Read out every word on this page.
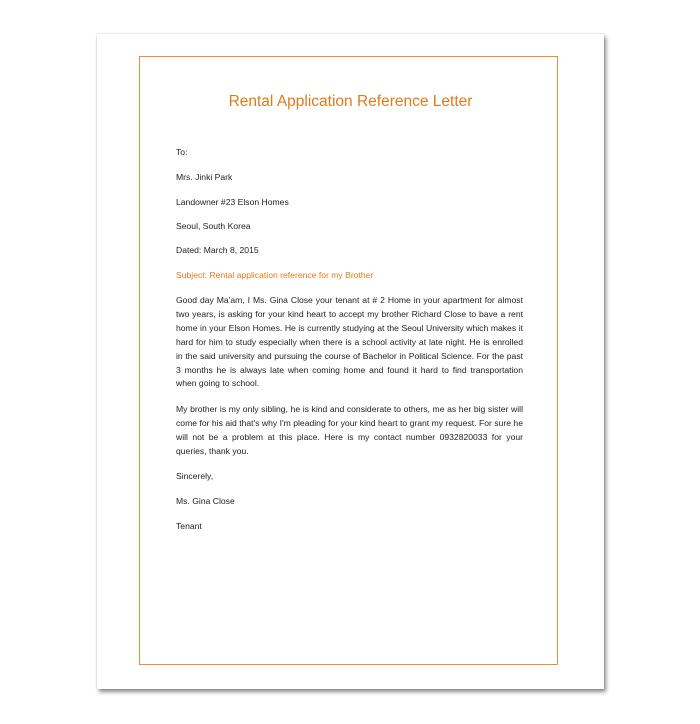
Rental Application Reference Letter
To:
Mrs. Jinki Park
Landowner #23 Elson Homes
Seoul, South Korea
Dated: March 8, 2015
Subject: Rental application reference for my Brother
Good day Ma'am, I Ms. Gina Close your tenant at # 2 Home in your apartment for almost two years, is asking for your kind heart to accept my brother Richard Close to bave a rent home in your Elson Homes. He is currently studying at the Seoul University which makes it hard for him to study especially when there is a school activity at late night. He is enrolled in the said university and pursuing the course of Bachelor in Political Science. For the past 3 months he is always late when coming home and found it hard to find transportation when going to school.
My brother is my only sibling, he is kind and considerate to others, me as her big sister will come for his aid that's why I'm pleading for your kind heart to grant my request. For sure he will not be a problem at this place. Here is my contact number 0932820033 for your queries, thank you.
Sincerely,
Ms. Gina Close
Tenant
